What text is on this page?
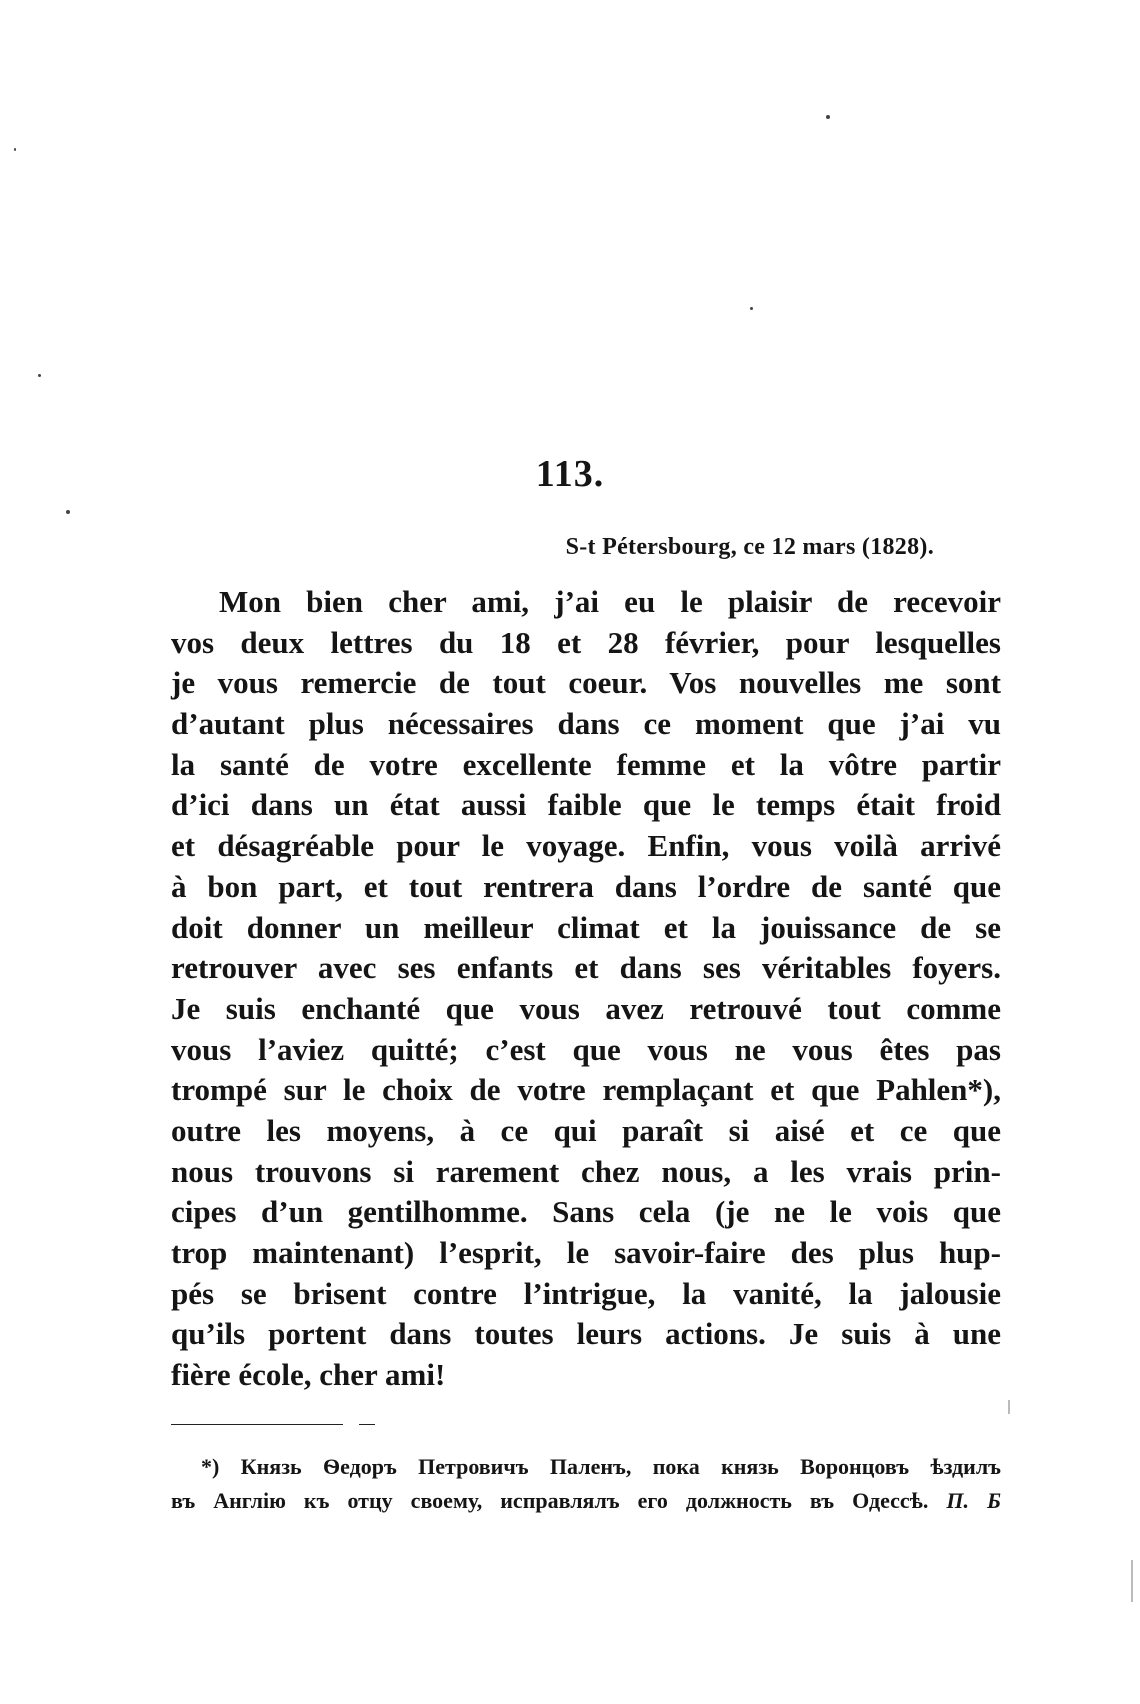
113.
S-t Pétersbourg, ce 12 mars (1828).
Mon bien cher ami, j’ai eu le plaisir de recevoir
vos deux lettres du 18 et 28 février, pour lesquelles
je vous remercie de tout coeur. Vos nouvelles me sont
d’autant plus nécessaires dans ce moment que j’ai vu
la santé de votre excellente femme et la vôtre partir
d’ici dans un état aussi faible que le temps était froid
et désagréable pour le voyage. Enfin, vous voilà arrivé
à bon part, et tout rentrera dans l’ordre de santé que
doit donner un meilleur climat et la jouissance de se
retrouver avec ses enfants et dans ses véritables foyers.
Je suis enchanté que vous avez retrouvé tout comme
vous l’aviez quitté; c’est que vous ne vous êtes pas
trompé sur le choix de votre remplaçant et que Pahlen*),
outre les moyens, à ce qui paraît si aisé et ce que
nous trouvons si rarement chez nous, a les vrais prin-
cipes d’un gentilhomme. Sans cela (je ne le vois que
trop maintenant) l’esprit, le savoir-faire des plus hup-
pés se brisent contre l’intrigue, la vanité, la jalousie
qu’ils portent dans toutes leurs actions. Je suis à une
fière école, cher ami!
*) Князь Ѳедоръ Петровичъ Паленъ, пока князь Воронцовъ ѣздилъ
въ Англію къ отцу своему, исправлялъ его должность въ Одессѣ. П. Б
